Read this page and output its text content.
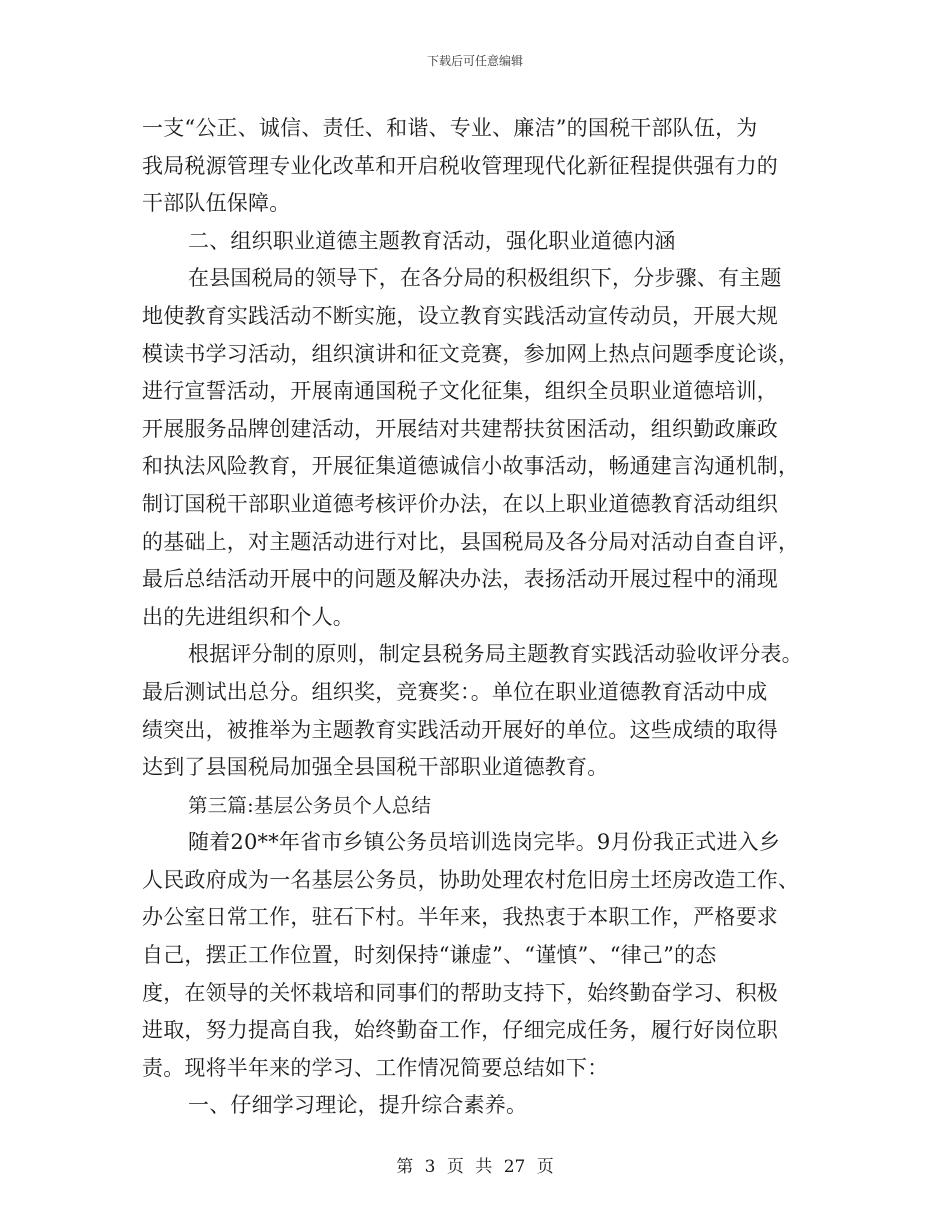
下载后可任意编辑
一支“公正、诚信、责任、和谐、专业、廉洁”的国税干部队伍，为
我局税源管理专业化改革和开启税收管理现代化新征程提供强有力的
干部队伍保障。
二、组织职业道德主题教育活动，强化职业道德内涵
在县国税局的领导下，在各分局的积极组织下，分步骤、有主题
地使教育实践活动不断实施，设立教育实践活动宣传动员，开展大规
模读书学习活动，组织演讲和征文竞赛，参加网上热点问题季度论谈，
进行宣誓活动，开展南通国税子文化征集，组织全员职业道德培训，
开展服务品牌创建活动，开展结对共建帮扶贫困活动，组织勤政廉政
和执法风险教育，开展征集道德诚信小故事活动，畅通建言沟通机制，
制订国税干部职业道德考核评价办法，在以上职业道德教育活动组织
的基础上，对主题活动进行对比，县国税局及各分局对活动自查自评，
最后总结活动开展中的问题及解决办法，表扬活动开展过程中的涌现
出的先进组织和个人。
根据评分制的原则，制定县税务局主题教育实践活动验收评分表。
最后测试出总分。组织奖，竞赛奖：。单位在职业道德教育活动中成
绩突出，被推举为主题教育实践活动开展好的单位。这些成绩的取得
达到了县国税局加强全县国税干部职业道德教育。
第三篇:基层公务员个人总结
随着20**年省市乡镇公务员培训选岗完毕。9月份我正式进入乡
人民政府成为一名基层公务员，协助处理农村危旧房土坯房改造工作、
办公室日常工作，驻石下村。半年来，我热衷于本职工作，严格要求
自己，摆正工作位置，时刻保持“谦虚”、“谨慎”、“律己”的态
度，在领导的关怀栽培和同事们的帮助支持下，始终勤奋学习、积极
进取，努力提高自我，始终勤奋工作，仔细完成任务，履行好岗位职
责。现将半年来的学习、工作情况简要总结如下：
一、仔细学习理论，提升综合素养。
第 3 页 共 27 页
